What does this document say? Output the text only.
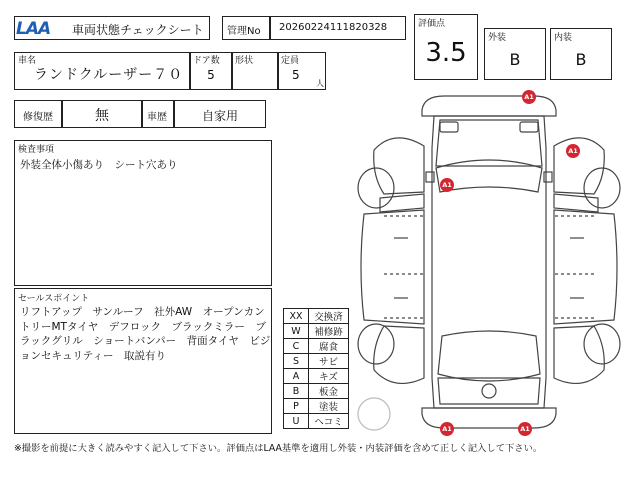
LAA 車両状態チェックシート	管理No	20260224111820328	評価点
3.5	外装
B
内装
B
車名
ランドクルーザー７０
ドア数
5
形状	定員
5
人
修復歴	無	車歴	自家用
検査事項
外装全体小傷あり　シート穴あり
セールスポイント
リフトアップ　サンルーフ　社外AW　オープンカントリーMTタイヤ　デフロック　ブラックミラー　ブラックグリル　ショートバンパー　背面タイヤ　ビジョンセキュリティー　取説有り
XX	交換済
W	補修跡
C	腐食
S	サビ
A	キズ
B	板金
P	塗装
U	ヘコミ
A1
A1
A1
A1	A1
※撮影を前提に大きく読みやすく記入して下さい。評価点はLAA基準を適用し外装・内装評価を含めて正しく記入して下さい。
